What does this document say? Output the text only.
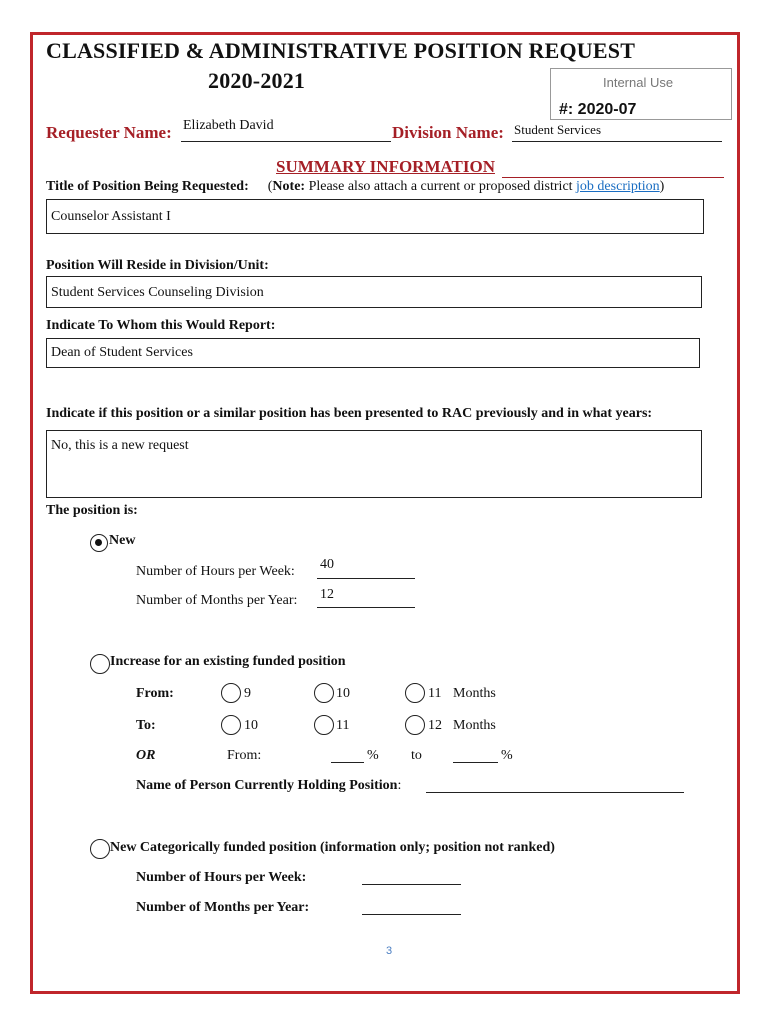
CLASSIFIED & ADMINISTRATIVE POSITION REQUEST
2020-2021	Internal Use
#: 2020-07
Requester Name: Elizabeth David	Division Name: Student Services
SUMMARY INFORMATION
Title of Position Being Requested: (Note: Please also attach a current or proposed district job description)
Counselor Assistant I
Position Will Reside in Division/Unit:
Student Services Counseling Division
Indicate To Whom this Would Report:
Dean of Student Services
Indicate if this position or a similar position has been presented to RAC previously and in what years:
No, this is a new request
The position is:
New
Number of Hours per Week: 40
Number of Months per Year: 12
Increase for an existing funded position
From:	9	10	11 Months
To:	10	11	12 Months
OR	From:	% to	%
Name of Person Currently Holding Position:
New Categorically funded position (information only; position not ranked)
Number of Hours per Week:
Number of Months per Year:
3
